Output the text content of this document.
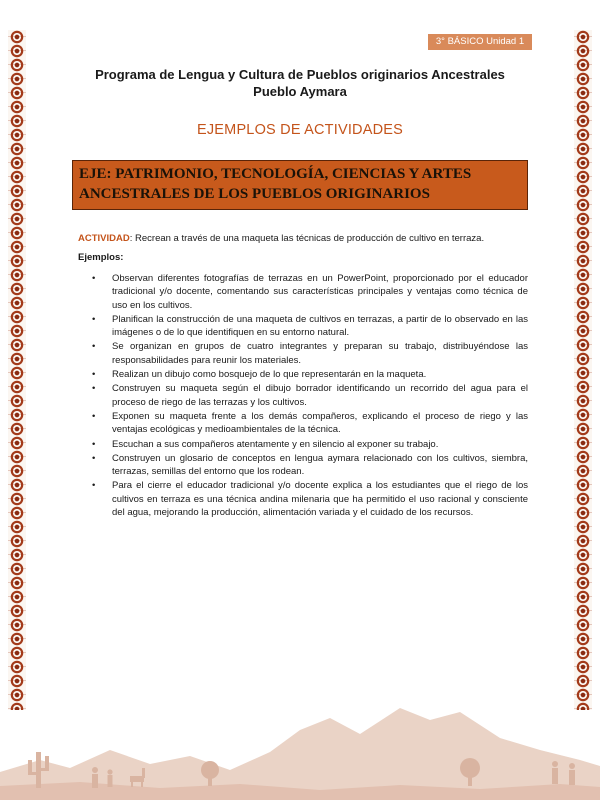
3° BÁSICO Unidad 1
Programa de Lengua y Cultura de Pueblos originarios Ancestrales
Pueblo Aymara
EJEMPLOS DE ACTIVIDADES
EJE: PATRIMONIO, TECNOLOGÍA, CIENCIAS Y ARTES
ANCESTRALES DE LOS PUEBLOS ORIGINARIOS
ACTIVIDAD: Recrean a través de una maqueta las técnicas de producción de cultivo en terraza.
Ejemplos:
• Observan diferentes fotografías de terrazas en un PowerPoint, proporcionado por el educador tradicional y/o docente, comentando sus características principales y ventajas como técnica de uso en los cultivos.
• Planifican la construcción de una maqueta de cultivos en terrazas, a partir de lo observado en las imágenes o de lo que identifiquen en su entorno natural.
• Se organizan en grupos de cuatro integrantes y preparan su trabajo, distribuyéndose las responsabilidades para reunir los materiales.
• Realizan un dibujo como bosquejo de lo que representarán en la maqueta.
• Construyen su maqueta según el dibujo borrador identificando un recorrido del agua para el proceso de riego de las terrazas y los cultivos.
• Exponen su maqueta frente a los demás compañeros, explicando el proceso de riego y las ventajas ecológicas y medioambientales de la técnica.
• Escuchan a sus compañeros atentamente y en silencio al exponer su trabajo.
• Construyen un glosario de conceptos en lengua aymara relacionado con los cultivos, siembra, terrazas, semillas del entorno que los rodean.
• Para el cierre el educador tradicional y/o docente explica a los estudiantes que el riego de los cultivos en terraza es una técnica andina milenaria que ha permitido el uso racional y consciente del agua, mejorando la producción, alimentación variada y el cuidado de los recursos.
